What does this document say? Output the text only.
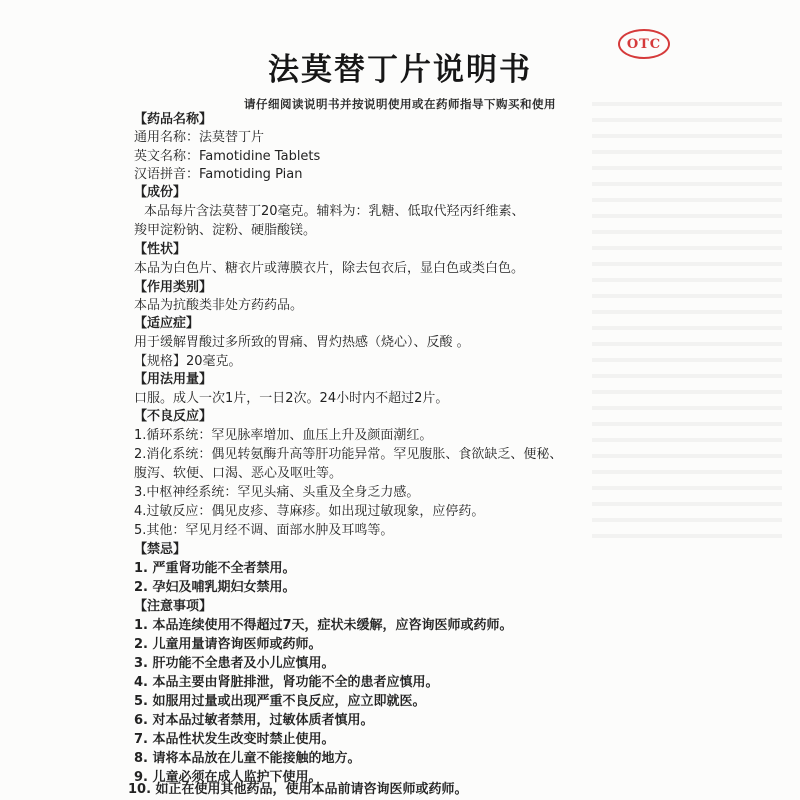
OTC
法莫替丁片说明书
请仔细阅读说明书并按说明使用或在药师指导下购买和使用
【药品名称】
通用名称：法莫替丁片
英文名称：Famotidine Tablets
汉语拼音：Famotiding Pian
【成份】
本品每片含法莫替丁20毫克。辅料为：乳糖、低取代羟丙纤维素、
羧甲淀粉钠、淀粉、硬脂酸镁。
【性状】
本品为白色片、糖衣片或薄膜衣片，除去包衣后，显白色或类白色。
【作用类别】
本品为抗酸类非处方药药品。
【适应症】
用于缓解胃酸过多所致的胃痛、胃灼热感（烧心）、反酸 。
【规格】20毫克。
【用法用量】
口服。成人一次1片，一日2次。24小时内不超过2片。
【不良反应】
1.循环系统：罕见脉率增加、血压上升及颜面潮红。
2.消化系统：偶见转氨酶升高等肝功能异常。罕见腹胀、食欲缺乏、便秘、
腹泻、软便、口渴、恶心及呕吐等。
3.中枢神经系统：罕见头痛、头重及全身乏力感。
4.过敏反应：偶见皮疹、荨麻疹。如出现过敏现象，应停药。
5.其他：罕见月经不调、面部水肿及耳鸣等。
【禁忌】
1. 严重肾功能不全者禁用。
2. 孕妇及哺乳期妇女禁用。
【注意事项】
1. 本品连续使用不得超过7天，症状未缓解，应咨询医师或药师。
2. 儿童用量请咨询医师或药师。
3. 肝功能不全患者及小儿应慎用。
4. 本品主要由肾脏排泄，肾功能不全的患者应慎用。
5. 如服用过量或出现严重不良反应，应立即就医。
6. 对本品过敏者禁用，过敏体质者慎用。
7. 本品性状发生改变时禁止使用。
8. 请将本品放在儿童不能接触的地方。
9. 儿童必须在成人监护下使用。
10. 如正在使用其他药品，使用本品前请咨询医师或药师。
